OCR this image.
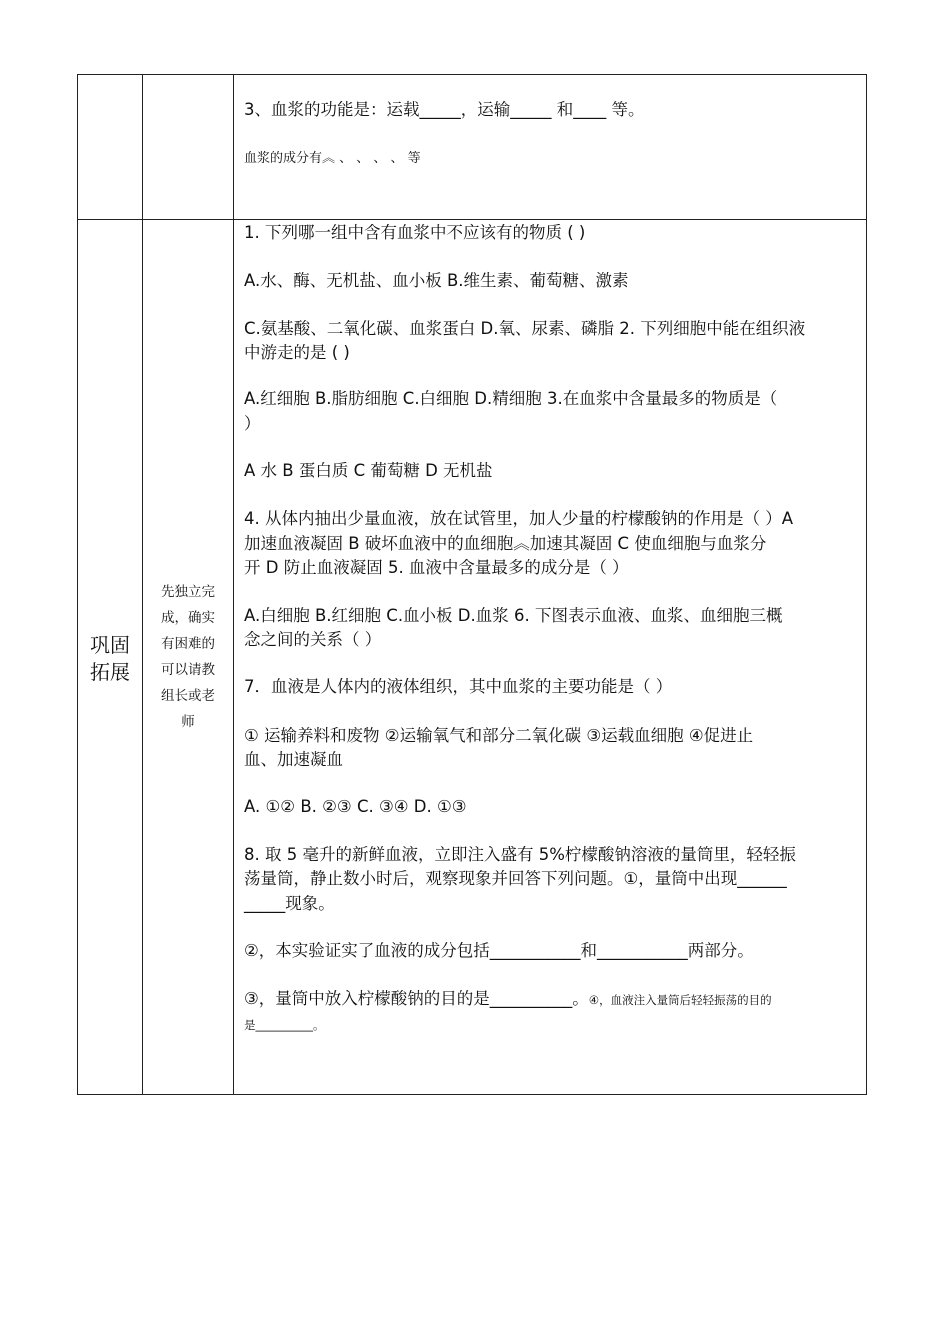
3、血浆的功能是：运载_____，运输_____ 和____ 等。
血浆的成分有︽ 、 、 、 、 等
巩固
拓展
先独立完
成，确实
有困难的
可以请教
组长或老
师
1. 下列哪一组中含有血浆中不应该有的物质 ( )
A.水、酶、无机盐、血小板 B.维生素、葡萄糖、激素
C.氨基酸、二氧化碳、血浆蛋白 D.氧、尿素、磷脂 2. 下列细胞中能在组织液
中游走的是 ( )
A.红细胞 B.脂肪细胞 C.白细胞 D.精细胞 3.在血浆中含量最多的物质是（
）
A 水 B 蛋白质 C 葡萄糖 D 无机盐
4. 从体内抽出少量血液，放在试管里，加人少量的柠檬酸钠的作用是（ ）A
加速血液凝固 B 破坏血液中的血细胞︽加速其凝固 C 使血细胞与血浆分
开 D 防止血液凝固 5. 血液中含量最多的成分是（ ）
A.白细胞 B.红细胞 C.血小板 D.血浆 6. 下图表示血液、血浆、血细胞三概
念之间的关系（ ）
7．血液是人体内的液体组织，其中血浆的主要功能是（ ）
① 运输养料和废物 ②运输氧气和部分二氧化碳 ③运载血细胞 ④促进止
血、加速凝血
A. ①② B. ②③ C. ③④ D. ①③
8. 取 5 毫升的新鲜血液，立即注入盛有 5%柠檬酸钠溶液的量筒里，轻轻振
荡量筒，静止数小时后，观察现象并回答下列问题。①，量筒中出现______
_____现象。
②，本实验证实了血液的成分包括___________和___________两部分。
③，量筒中放入柠檬酸钠的目的是__________。④，血液注入量筒后轻轻振荡的目的
是__________。
